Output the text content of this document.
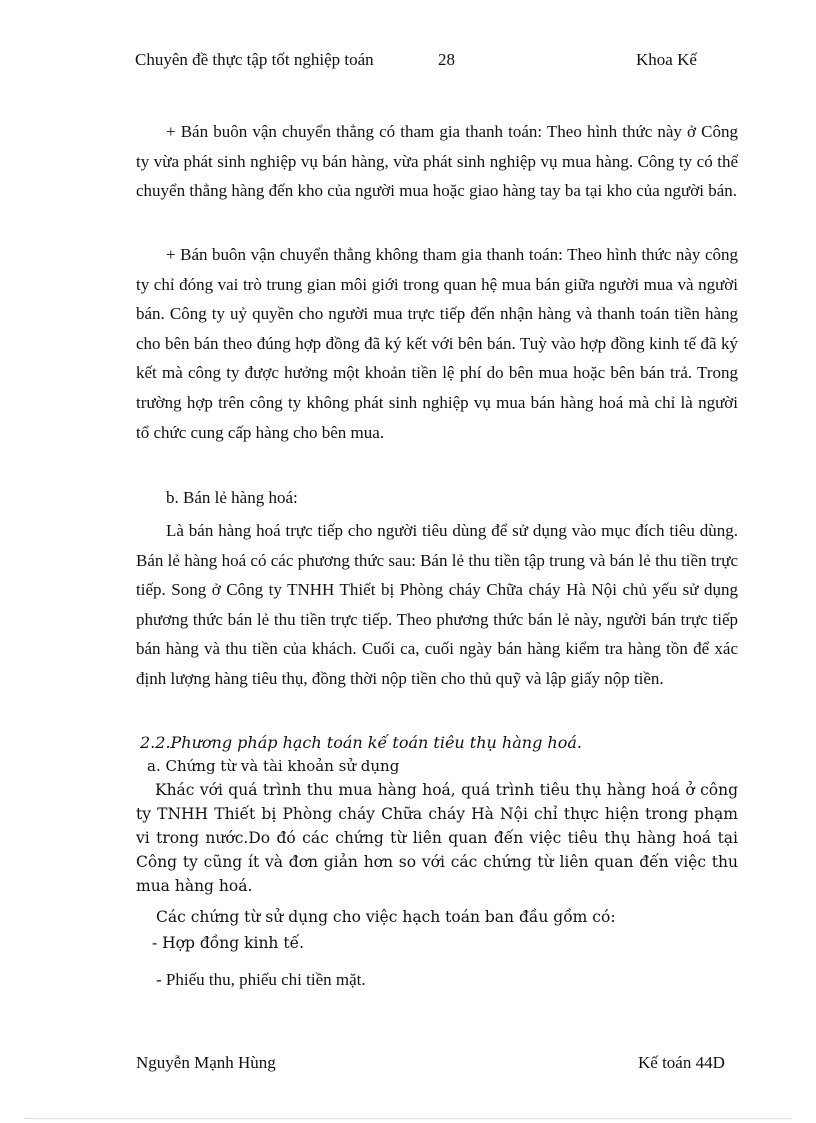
Chuyên đề thực tập tốt nghiệp toán	28	Khoa Kế

+ Bán buôn vận chuyển thẳng có tham gia thanh toán: Theo hình thức này ở Công ty vừa phát sinh nghiệp vụ bán hàng, vừa phát sinh nghiệp vụ mua hàng. Công ty có thể chuyển thẳng hàng đến kho của người mua hoặc giao hàng tay ba tại kho của người bán.

+ Bán buôn vận chuyển thẳng không tham gia thanh toán: Theo hình thức này công ty chỉ đóng vai trò trung gian môi giới trong quan hệ mua bán giữa người mua và người bán. Công ty uỷ quyền cho người mua trực tiếp đến nhận hàng và thanh toán tiền hàng cho bên bán theo đúng hợp đồng đã ký kết với bên bán. Tuỳ vào hợp đồng kinh tế đã ký kết mà công ty được hưởng một khoản tiền lệ phí do bên mua hoặc bên bán trả. Trong trường hợp trên công ty không phát sinh nghiệp vụ mua bán hàng hoá mà chỉ là người tổ chức cung cấp hàng cho bên mua.

b. Bán lẻ hàng hoá:

Là bán hàng hoá trực tiếp cho người tiêu dùng để sử dụng vào mục đích tiêu dùng. Bán lẻ hàng hoá có các phương thức sau: Bán lẻ thu tiền tập trung và bán lẻ thu tiền trực tiếp. Song ở Công ty TNHH Thiết bị Phòng cháy Chữa cháy Hà Nội chủ yếu sử dụng phương thức bán lẻ thu tiền trực tiếp. Theo phương thức bán lẻ này, người bán trực tiếp bán hàng và thu tiền của khách. Cuối ca, cuối ngày bán hàng kiểm tra hàng tồn để xác định lượng hàng tiêu thụ, đồng thời nộp tiền cho thủ quỹ và lập giấy nộp tiền.

2.2.Phương pháp hạch toán kế toán tiêu thụ hàng hoá.

a. Chứng từ và tài khoản sử dụng

Khác với quá trình thu mua hàng hoá, quá trình tiêu thụ hàng hoá ở công ty TNHH Thiết bị Phòng cháy Chữa cháy Hà Nội chỉ thực hiện trong phạm vi trong nước.Do đó các chứng từ liên quan đến việc tiêu thụ hàng hoá tại Công ty cũng ít và đơn giản hơn so với các chứng từ liên quan đến việc thu mua hàng hoá.

Các chứng từ sử dụng cho việc hạch toán ban đầu gồm có:

- Hợp đồng kinh tế.

- Phiếu thu, phiếu chi tiền mặt.

Nguyễn Mạnh Hùng	Kế toán 44D
